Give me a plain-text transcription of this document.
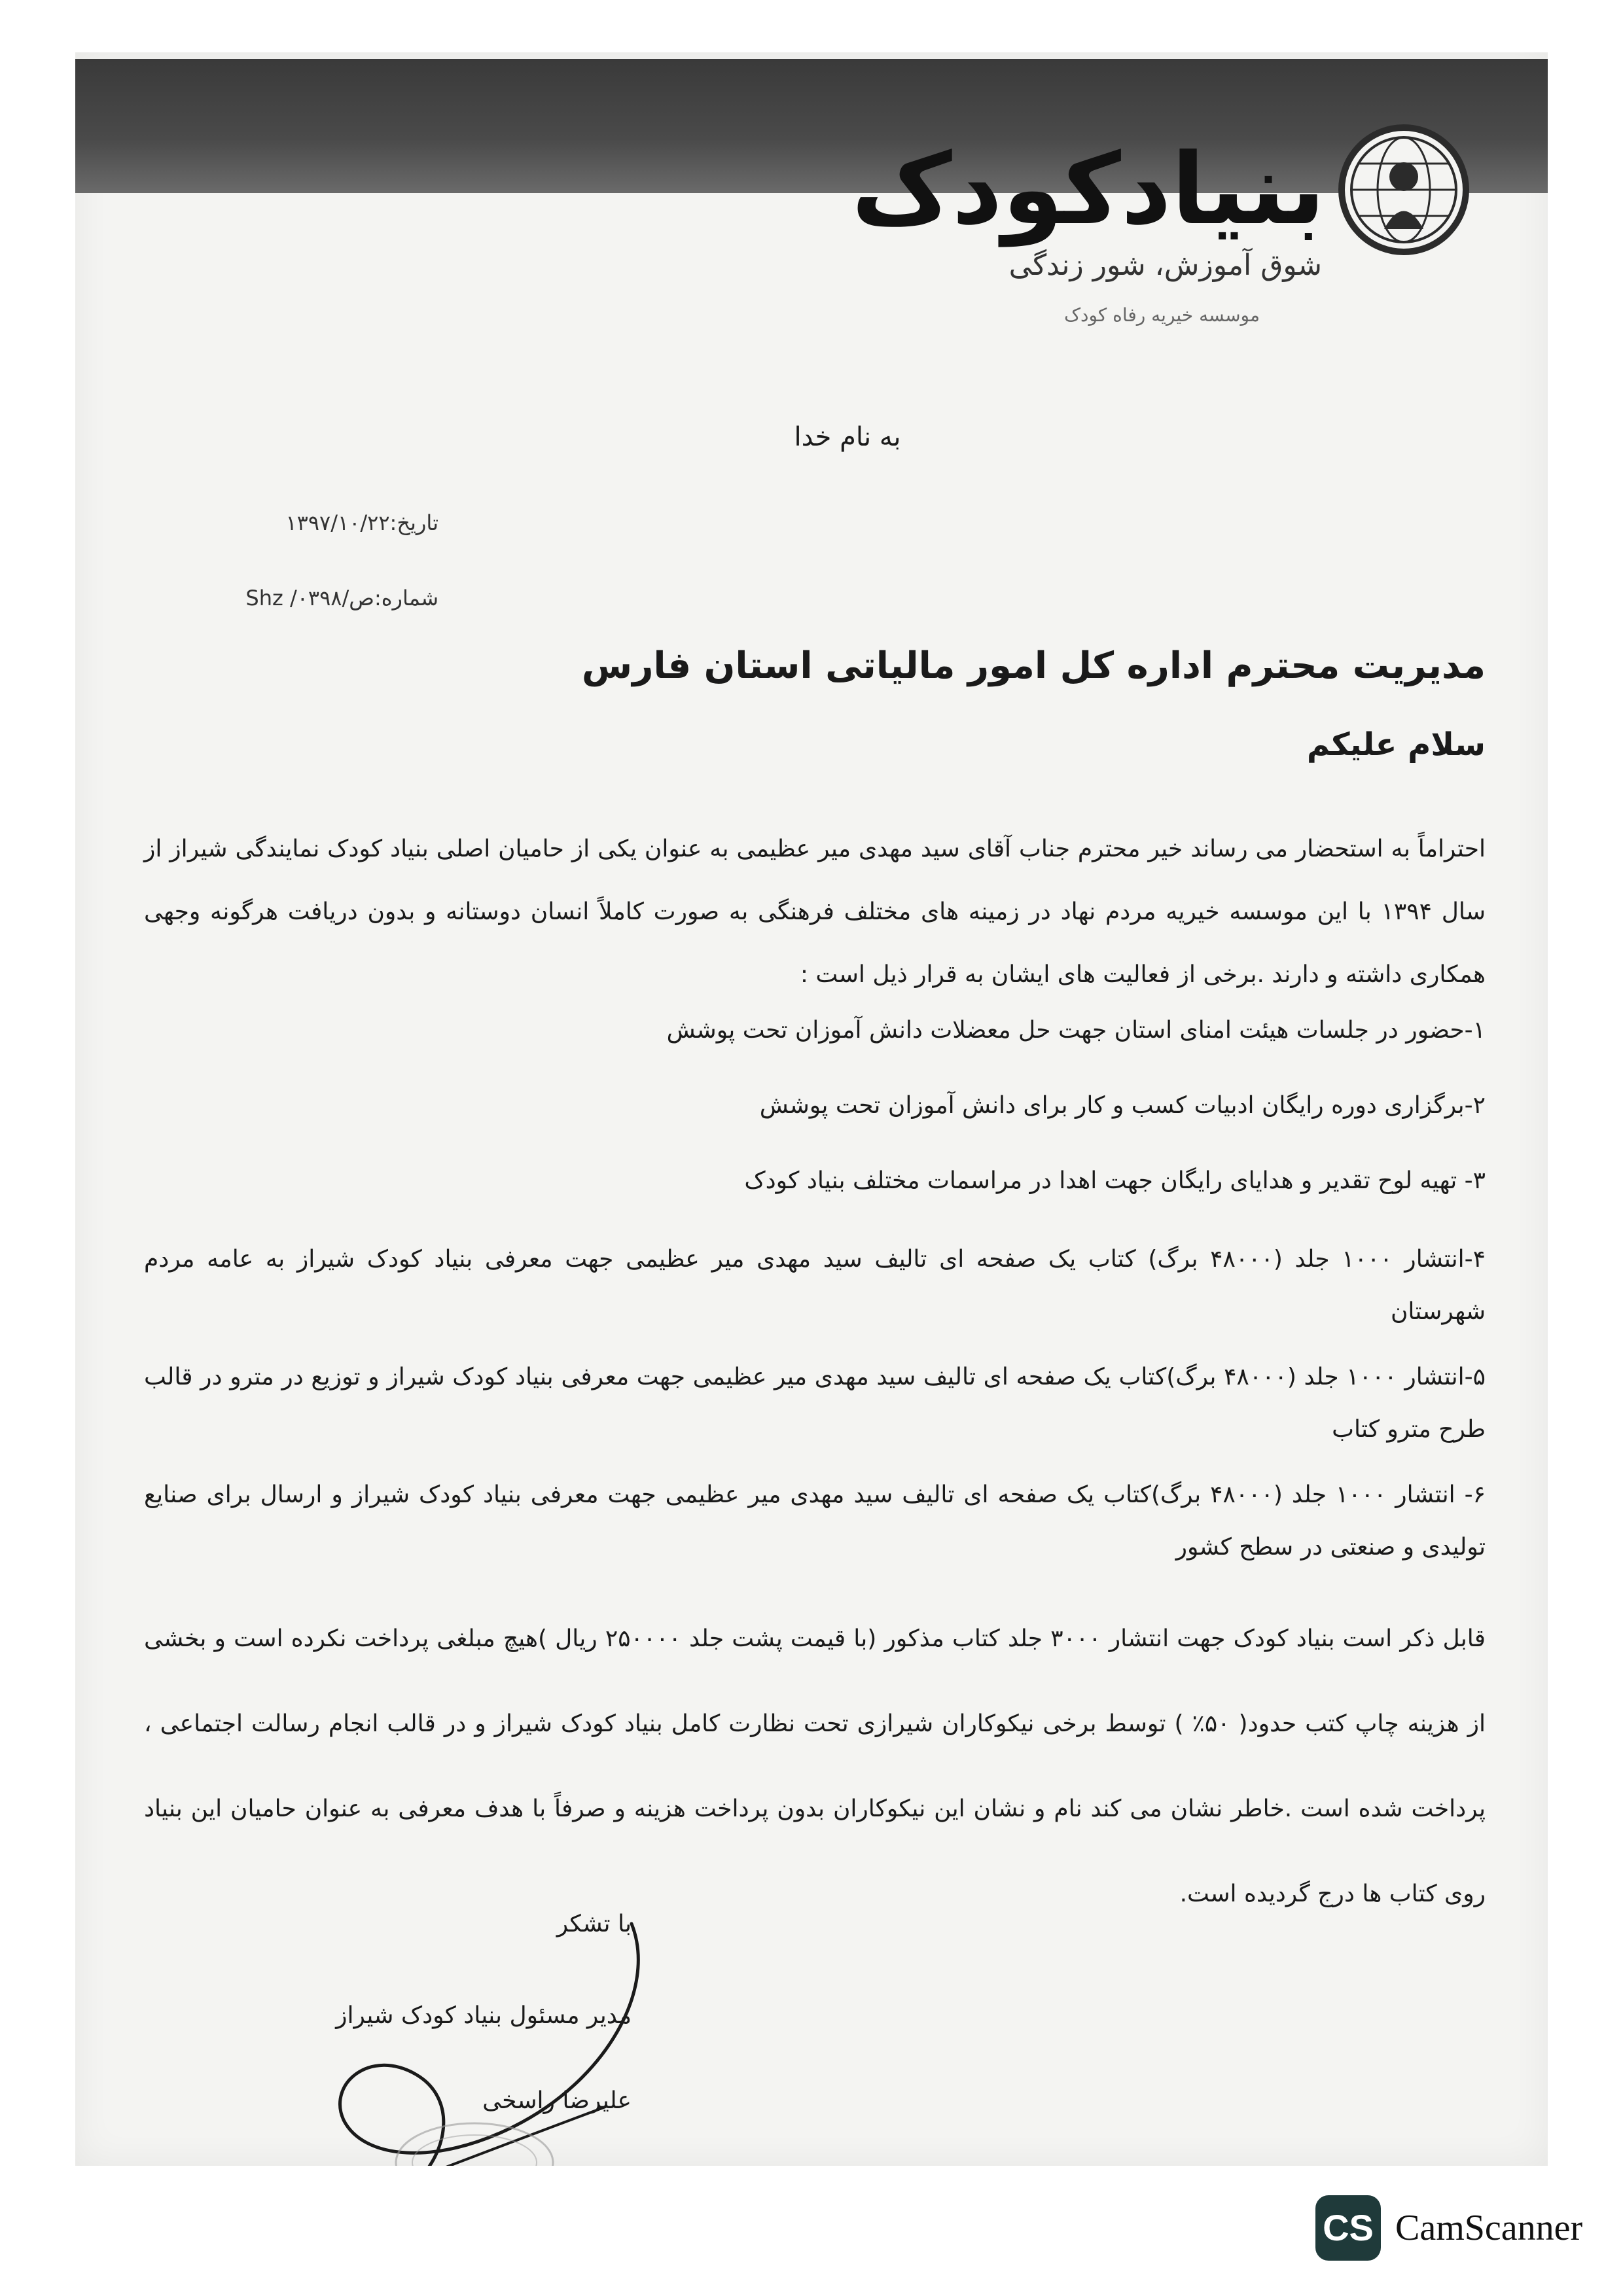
بنیادکودک
شوق آموزش، شور زندگی
موسسه خیریه رفاه کودک
به نام خدا
تاریخ:۱۳۹۷/۱۰/۲۲
شماره:ص/۰۳۹۸/ Shz
مدیریت محترم اداره کل امور مالیاتی استان فارس
سلام علیکم
احتراماً به استحضار می رساند خیر محترم جناب آقای سید مهدی میر عظیمی به عنوان یکی از حامیان اصلی بنیاد کودک نمایندگی شیراز از سال ۱۳۹۴ با این موسسه خیریه مردم نهاد در زمینه های مختلف فرهنگی به صورت کاملاً انسان دوستانه و بدون دریافت هرگونه وجهی همکاری داشته و دارند .برخی از فعالیت های ایشان به قرار ذیل است :
۱-حضور در جلسات هیئت امنای استان جهت حل معضلات دانش آموزان تحت پوشش
۲-برگزاری دوره رایگان ادبیات کسب و کار برای دانش آموزان تحت پوشش
۳- تهیه لوح تقدیر و هدایای رایگان جهت اهدا در مراسمات مختلف بنیاد کودک
۴-انتشار ۱۰۰۰ جلد (۴۸۰۰۰ برگ) کتاب یک صفحه ای تالیف سید مهدی میر عظیمی جهت معرفی بنیاد کودک شیراز به عامه مردم شهرستان
۵-انتشار ۱۰۰۰ جلد (۴۸۰۰۰ برگ)کتاب یک صفحه ای تالیف سید مهدی میر عظیمی جهت معرفی بنیاد کودک شیراز و توزیع در مترو در قالب طرح مترو کتاب
۶- انتشار ۱۰۰۰ جلد (۴۸۰۰۰ برگ)کتاب یک صفحه ای تالیف سید مهدی میر عظیمی جهت معرفی بنیاد کودک شیراز و ارسال برای صنایع تولیدی و صنعتی در سطح کشور
قابل ذکر است بنیاد کودک جهت انتشار ۳۰۰۰ جلد کتاب مذکور (با قیمت پشت جلد ۲۵۰۰۰۰ ریال )هیچ مبلغی پرداخت نکرده است و بخشی از هزینه چاپ کتب حدود( ۵۰٪ ) توسط برخی نیکوکاران شیرازی تحت نظارت کامل بنیاد کودک شیراز و در قالب انجام رسالت اجتماعی ، پرداخت شده است .خاطر نشان می کند نام و نشان این نیکوکاران بدون پرداخت هزینه و صرفاً با هدف معرفی به عنوان حامیان این بنیاد روی کتاب ها درج گردیده است.
با تشکر
مدیر مسئول بنیاد کودک شیراز
علیرضا راسخی
CS CamScanner
